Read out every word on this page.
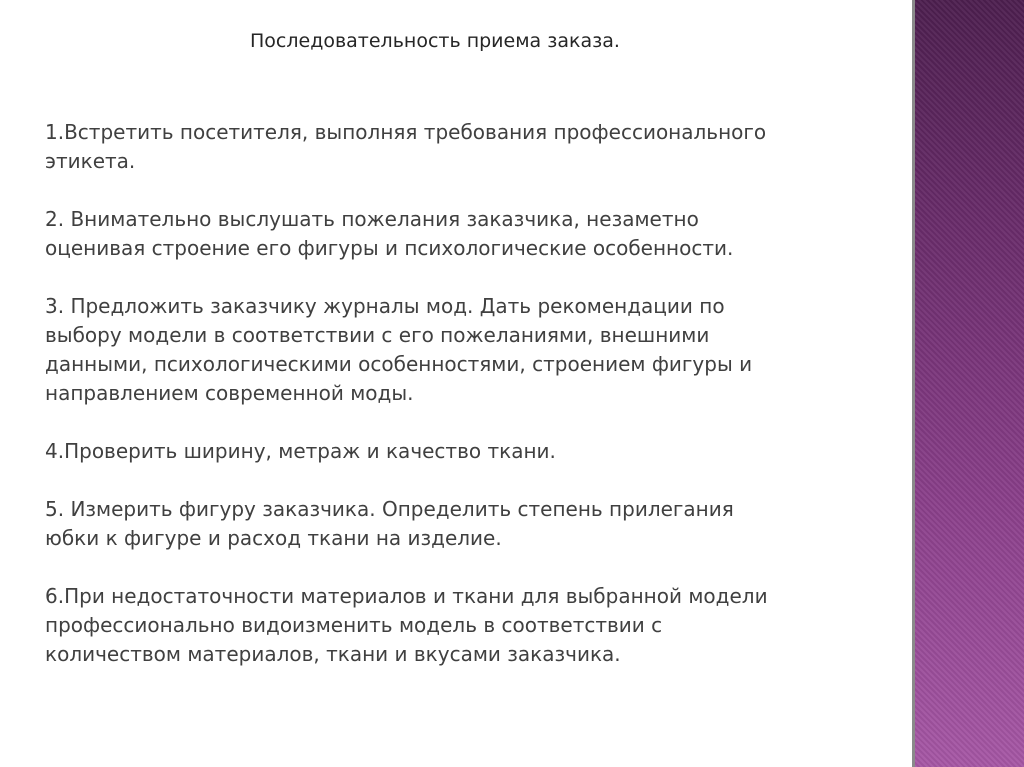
Последовательность приема заказа.
1.Встретить посетителя, выполняя требования профессионального
этикета.
2. Внимательно выслушать пожелания заказчика, незаметно
оценивая строение его фигуры и психологические особенности.
3. Предложить заказчику журналы мод. Дать рекомендации по
выбору модели в соответствии с его пожеланиями, внешними
данными, психологическими особенностями, строением фигуры и
направлением современной моды.
4.Проверить ширину, метраж и качество ткани.
5. Измерить фигуру заказчика. Определить степень прилегания
юбки к фигуре и расход ткани на изделие.
6.При недостаточности материалов и ткани для выбранной модели
профессионально видоизменить модель в соответствии с
количеством материалов, ткани и вкусами заказчика.
